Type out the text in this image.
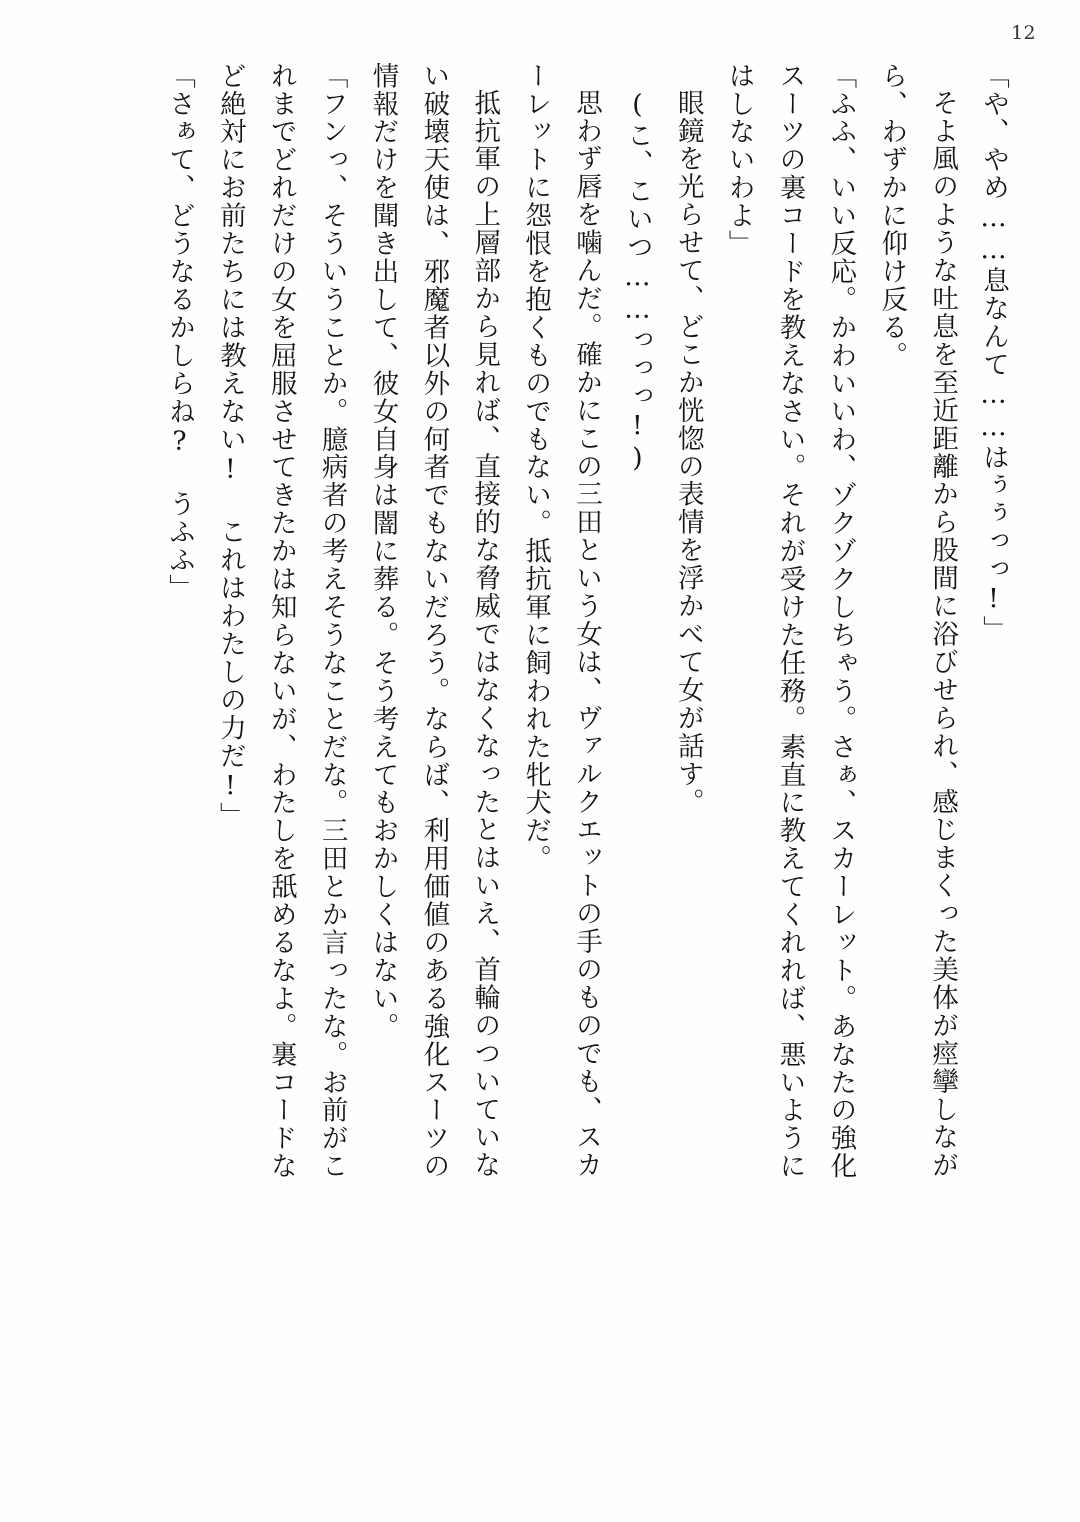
12

「や、やめ……息なんて……はぅぅっっ!」

そよ風のような吐息を至近距離から股間に浴びせられ、感じまくった美体が痙攣しなが

ら、わずかに仰け反る。

「ふふ、いい反応。かわいいわ、ゾクゾクしちゃう。さぁ、スカーレット。あなたの強化

スーツの裏コードを教えなさい。それが受けた任務。素直に教えてくれれば、悪いように

はしないわよ」

眼鏡を光らせて、どこか恍惚の表情を浮かべて女が話す。

(こ、こいつ……っっっ!)

思わず唇を噛んだ。確かにこの三田という女は、ヴァルクエットの手のものでも、スカ

ーレットに怨恨を抱くものでもない。抵抗軍に飼われた牝犬だ。

抵抗軍の上層部から見れば、直接的な脅威ではなくなったとはいえ、首輪のついていな

い破壊天使は、邪魔者以外の何者でもないだろう。ならば、利用価値のある強化スーツの

情報だけを聞き出して、彼女自身は闇に葬る。そう考えてもおかしくはない。

「フンっ、そういうことか。臆病者の考えそうなことだな。三田とか言ったな。お前がこ

れまでどれだけの女を屈服させてきたかは知らないが、わたしを舐めるなよ。裏コードな

ど絶対にお前たちには教えない! これはわたしの力だ!」

「さぁて、どうなるかしらね? うふふ」
